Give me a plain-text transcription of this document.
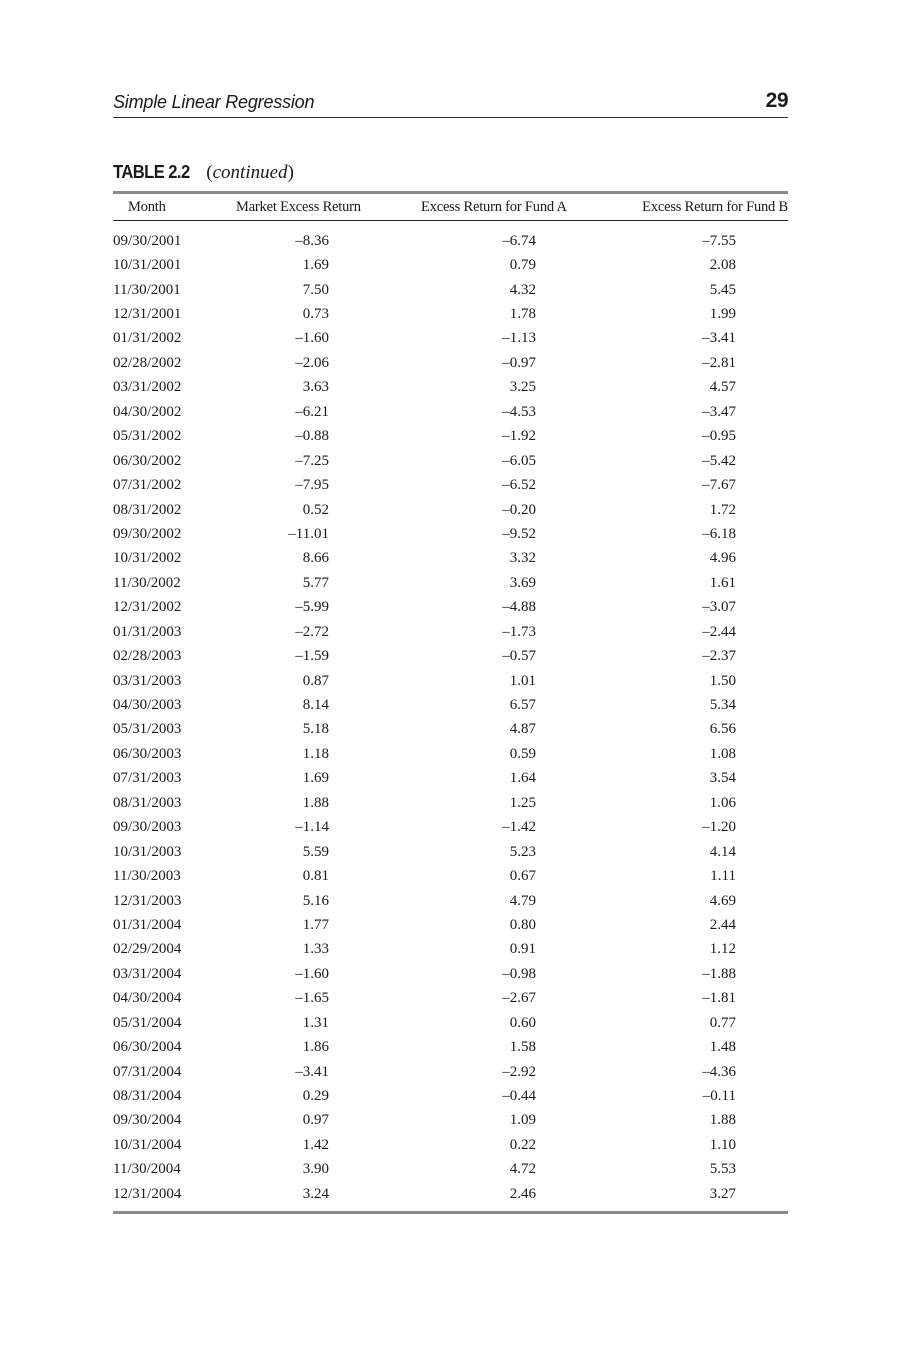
Simple Linear Regression	29
TABLE 2.2 (continued)
Month	Market Excess Return	Excess Return for Fund A	Excess Return for Fund B
09/30/2001	–8.36	–6.74	–7.55
10/31/2001	1.69	0.79	2.08
11/30/2001	7.50	4.32	5.45
12/31/2001	0.73	1.78	1.99
01/31/2002	–1.60	–1.13	–3.41
02/28/2002	–2.06	–0.97	–2.81
03/31/2002	3.63	3.25	4.57
04/30/2002	–6.21	–4.53	–3.47
05/31/2002	–0.88	–1.92	–0.95
06/30/2002	–7.25	–6.05	–5.42
07/31/2002	–7.95	–6.52	–7.67
08/31/2002	0.52	–0.20	1.72
09/30/2002	–11.01	–9.52	–6.18
10/31/2002	8.66	3.32	4.96
11/30/2002	5.77	3.69	1.61
12/31/2002	–5.99	–4.88	–3.07
01/31/2003	–2.72	–1.73	–2.44
02/28/2003	–1.59	–0.57	–2.37
03/31/2003	0.87	1.01	1.50
04/30/2003	8.14	6.57	5.34
05/31/2003	5.18	4.87	6.56
06/30/2003	1.18	0.59	1.08
07/31/2003	1.69	1.64	3.54
08/31/2003	1.88	1.25	1.06
09/30/2003	–1.14	–1.42	–1.20
10/31/2003	5.59	5.23	4.14
11/30/2003	0.81	0.67	1.11
12/31/2003	5.16	4.79	4.69
01/31/2004	1.77	0.80	2.44
02/29/2004	1.33	0.91	1.12
03/31/2004	–1.60	–0.98	–1.88
04/30/2004	–1.65	–2.67	–1.81
05/31/2004	1.31	0.60	0.77
06/30/2004	1.86	1.58	1.48
07/31/2004	–3.41	–2.92	–4.36
08/31/2004	0.29	–0.44	–0.11
09/30/2004	0.97	1.09	1.88
10/31/2004	1.42	0.22	1.10
11/30/2004	3.90	4.72	5.53
12/31/2004	3.24	2.46	3.27
